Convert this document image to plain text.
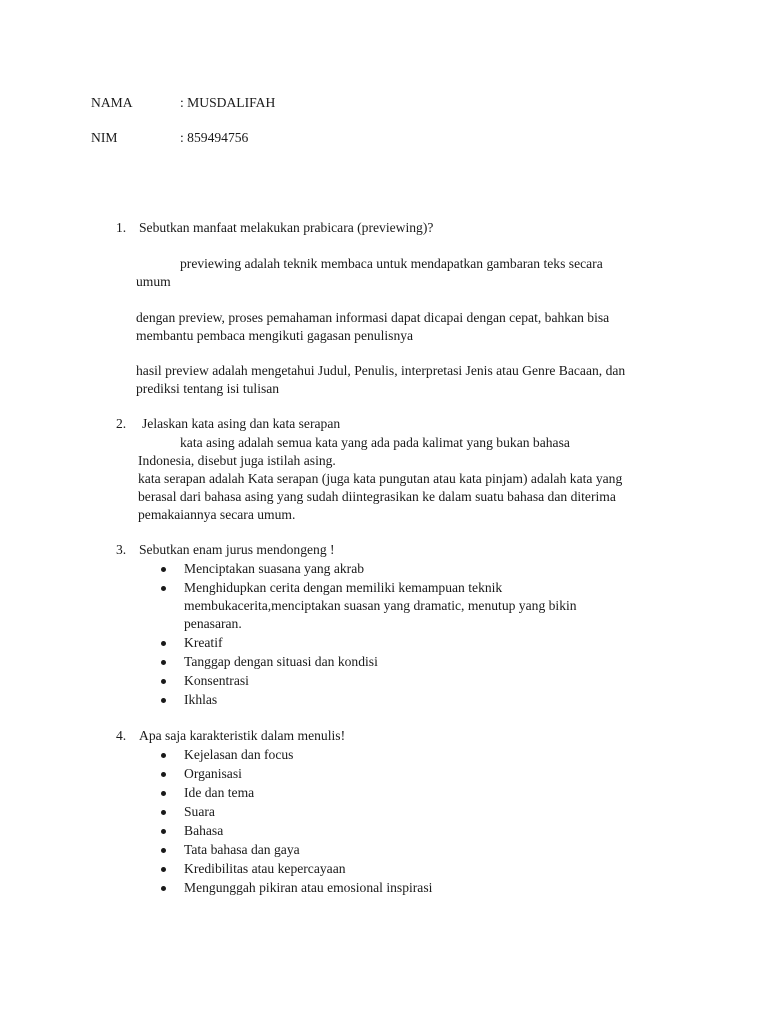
NAMA	: MUSDALIFAH
NIM	: 859494756
1. Sebutkan manfaat melakukan prabicara (previewing)?
previewing adalah teknik membaca untuk mendapatkan gambaran teks secara
umum
dengan preview, proses pemahaman informasi dapat dicapai dengan cepat, bahkan bisa
membantu pembaca mengikuti gagasan penulisnya
hasil preview adalah mengetahui Judul, Penulis, interpretasi Jenis atau Genre Bacaan, dan
prediksi tentang isi tulisan
2. Jelaskan kata asing dan kata serapan
kata asing adalah semua kata yang ada pada kalimat yang bukan bahasa
Indonesia, disebut juga istilah asing.
kata serapan adalah Kata serapan (juga kata pungutan atau kata pinjam) adalah kata yang
berasal dari bahasa asing yang sudah diintegrasikan ke dalam suatu bahasa dan diterima
pemakaiannya secara umum.
3. Sebutkan enam jurus mendongeng !
Menciptakan suasana yang akrab
Menghidupkan cerita dengan memiliki kemampuan teknik
membukacerita,menciptakan suasan yang dramatic, menutup yang bikin
penasaran.
Kreatif
Tanggap dengan situasi dan kondisi
Konsentrasi
Ikhlas
4. Apa saja karakteristik dalam menulis!
Kejelasan dan focus
Organisasi
Ide dan tema
Suara
Bahasa
Tata bahasa dan gaya
Kredibilitas atau kepercayaan
Mengunggah pikiran atau emosional inspirasi
